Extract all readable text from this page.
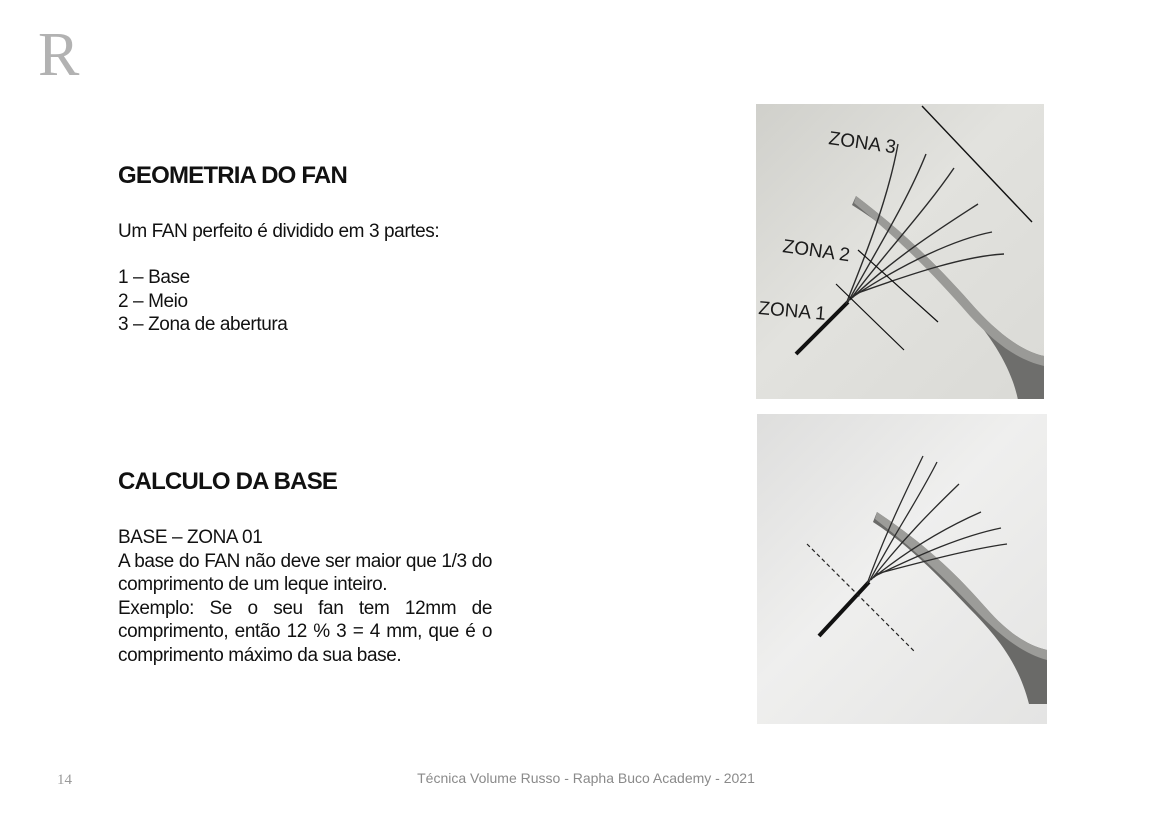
R
GEOMETRIA DO FAN

Um FAN perfeito é dividido em 3 partes:

1 – Base
2 – Meio
3 – Zona de abertura
CALCULO DA BASE

BASE – ZONA 01

A base do FAN não deve ser maior que 1/3 do comprimento de um leque inteiro.

Exemplo: Se o seu fan tem 12mm de comprimento, então 12 % 3 = 4 mm, que é o comprimento máximo da sua base.

ZONA 3
ZONA 2
ZONA 1
14	Técnica Volume Russo - Rapha Buco Academy - 2021
